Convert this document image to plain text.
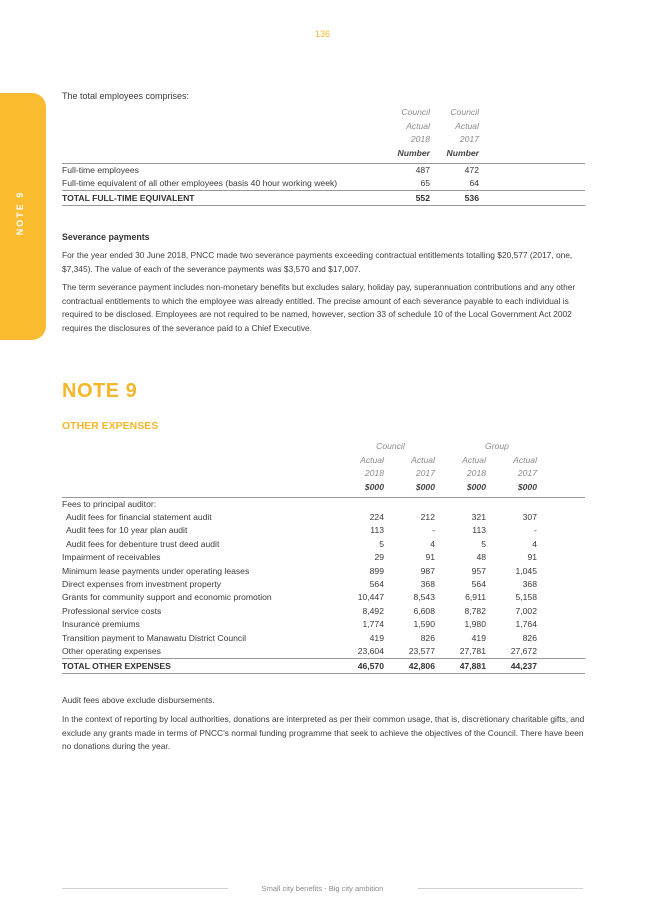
136
NOTE 9
The total employees comprises:
	Council	Council	
	Actual	Actual	
	2018	2017	
	Number	Number	

Full-time employees	487	472	
Full-time equivalent of all other employees (basis 40 hour working week)	65	64	

TOTAL FULL-TIME EQUIVALENT	552	536	

Severance payments
For the year ended 30 June 2018, PNCC made two severance payments exceeding contractual entitlements totalling $20,577 (2017, one, $7,345). The value of each of the severance payments was $3,570 and $17,007.
The term severance payment includes non-monetary benefits but excludes salary, holiday pay, superannuation contributions and any other contractual entitlements to which the employee was already entitled. The precise amount of each severance payable to each individual is required to be disclosed. Employees are not required to be named, however, section 33 of schedule 10 of the Local Government Act 2002 requires the disclosures of the severance paid to a Chief Executive.
NOTE 9
OTHER EXPENSES
	Council		Group		
	Actual	Actual	Actual	Actual	
	2018	2017	2018	2017	
	$000	$000	$000	$000	

Fees to principal auditor:					
Audit fees for financial statement audit	224	212	321	307	
Audit fees for 10 year plan audit	113	-	113	-	
Audit fees for debenture trust deed audit	5	4	5	4	
Impairment of receivables	29	91	48	91	
Minimum lease payments under operating leases	899	987	957	1,045	
Direct expenses from investment property	564	368	564	368	
Grants for community support and economic promotion	10,447	8,543	6,911	5,158	
Professional service costs	8,492	6,608	8,782	7,002	
Insurance premiums	1,774	1,590	1,980	1,764	
Transition payment to Manawatu District Council	419	826	419	826	
Other operating expenses	23,604	23,577	27,781	27,672	

TOTAL OTHER EXPENSES	46,570	42,806	47,881	44,237	

Audit fees above exclude disbursements.
In the context of reporting by local authorities, donations are interpreted as per their common usage, that is, discretionary charitable gifts, and exclude any grants made in terms of PNCC’s normal funding programme that seek to achieve the objectives of the Council. There have been no donations during the year.
Small city benefits - Big city ambition
